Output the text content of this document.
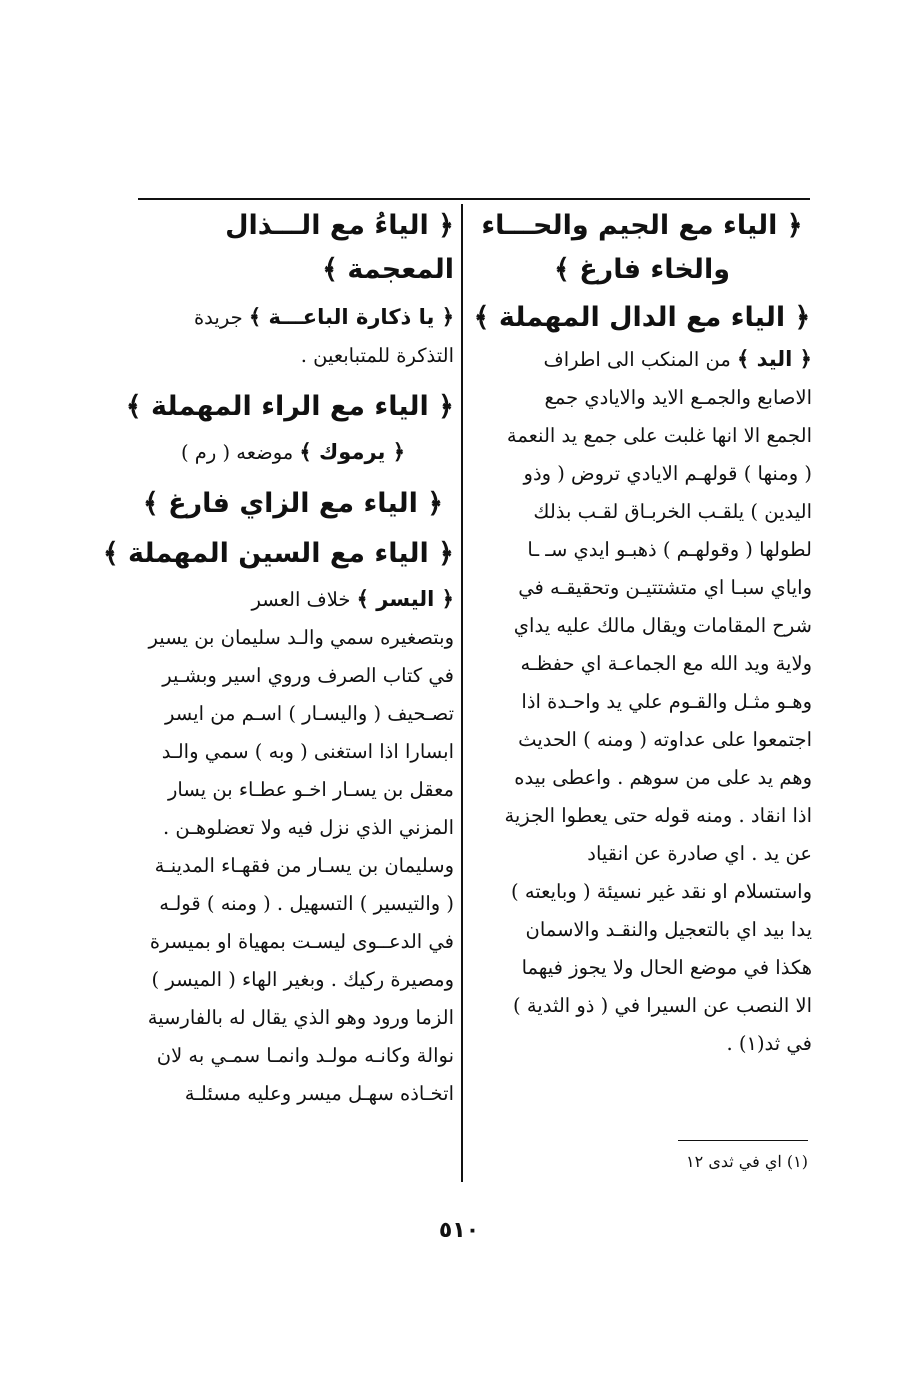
﴿ الياء مع الجيم والحـــاء
والخاء فارغ ﴾
﴿ الياء مع الدال المهملة ﴾
﴿ اليد ﴾ من المنكب الى اطراف
الاصابع والجمـع الايد والايادي جمع
الجمع الا انها غلبت على جمع يد النعمة
( ومنها ) قولهـم الايادي تروض ( وذو
اليدين ) يلقـب الخربـاق لقـب بذلك
لطولها ( وقولهـم ) ذهبـو ايدي سـ ـا
واياي سبـا اي متشتتيـن وتحقيقـه في
شرح المقامات ويقال مالك عليه يداي
ولاية ويد الله مع الجماعـة اي حفظـه
وهـو مثـل والقـوم علي يد واحـدة اذا
اجتمعوا على عداوته ( ومنه ) الحديث
وهم يد على من سوهم . واعطى بيده
اذا انقاد . ومنه قوله حتى يعطوا الجزية
عن يد . اي صادرة عن انقياد
واستسلام او نقد غير نسيئة ( وبايعته )
يدا بيد اي بالتعجيل والنقـد والاسمان
هكذا في موضع الحال ولا يجوز فيهما
الا النصب عن السيرا في ( ذو الثدية )
في ثد(١) .
(١) اي في ثدى ١٢
﴿ الياءُ مع الـــذال
المعجمة ﴾
﴿ يا ذكارة الباعـــة ﴾ جريدة
التذكرة للمتبابعين .
﴿ الياء مع الراء المهملة ﴾
﴿ يرموك ﴾ موضعه ( رم )
﴿ الياء مع الزاي فارغ ﴾
﴿ الياء مع السين المهملة ﴾
﴿ اليسر ﴾ خلاف العسر
وبتصغيره سمي والـد سليمان بن يسير
في كتاب الصرف وروي اسير وبشـير
تصـحيف ( واليسـار ) اسـم من ايسر
ابسارا اذا استغنى ( وبه ) سمي والـد
معقل بن يسـار اخـو عطـاء بن يسار
المزني الذي نزل فيه ولا تعضلوهـن .
وسليمان بن يسـار من فقهـاء المدينـة
( والتيسير ) التسهيل . ( ومنه ) قولـه
في الدعــوى ليسـت بمهياة او بميسرة
ومصيرة ركيك . وبغير الهاء ( الميسر )
الزما ورود وهو الذي يقال له بالفارسية
نوالة وكانـه مولـد وانمـا سمـي به لان
اتخـاذه سهـل ميسر وعليه مسئلـة
٥١٠
